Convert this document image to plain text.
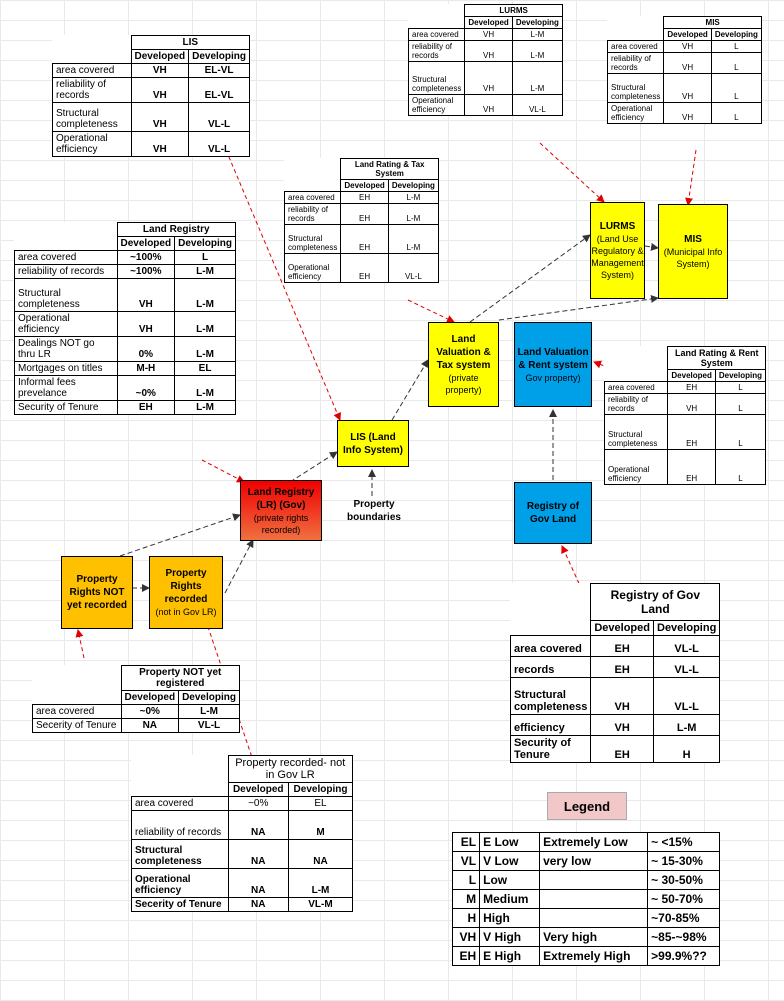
	LIS	
	Developed	Developing
area covered	VH	EL-VL
reliability of records	VH	EL-VL
Structural completeness	VH	VL-L
Operational efficiency	VH	VL-L
	LURMS	
	Developed	Developing
area covered	VH	L-M
reliability of records	VH	L-M
Structural completeness	VH	L-M
Operational efficiency	VH	VL-L
	MIS	
	Developed	Developing
area covered	VH	L
reliability of records	VH	L
Structural completeness	VH	L
Operational efficiency	VH	L
	Land Rating & Tax System	
	Developed	Developing
area covered	EH	L-M
reliability of records	EH	L-M
Structural completeness	EH	L-M
Operational efficiency	EH	VL-L
	Land Registry	
	Developed	Developing
area covered	~100%	L
reliability of records	~100%	L-M
Structural completeness	VH	L-M
Operational efficiency	VH	L-M
Dealings NOT go thru LR	0%	L-M
Mortgages on titles	M-H	EL
Informal fees prevelance	~0%	L-M
Security of Tenure	EH	L-M
	Land Rating & Rent System	
	Developed	Developing
area covered	EH	L
reliability of records	VH	L
Structural completeness	EH	L
Operational efficiency	EH	L
	Registry of Gov Land	
	Developed	Developing
area covered	EH	VL-L
records	EH	VL-L
Structural completeness	VH	VL-L
efficiency	VH	L-M
Security of Tenure	EH	H
	Property NOT yet registered	
	Developed	Developing
area covered	~0%	L-M
Secerity of Tenure	NA	VL-L
	Property recorded- not in Gov LR	
	Developed	Developing
area covered	~0%	EL
reliability of records	NA	M
Structural completeness	NA	NA
Operational efficiency	NA	L-M
Secerity of Tenure	NA	VL-M
Property Rights NOT yet recorded
Property Rights recorded
(not in Gov LR)
Land Registry (LR) (Gov)
(private rights recorded)
LIS (Land Info System)
Property boundaries
Land Valuation & Tax system
(private property)
Land Valuation & Rent system
Gov property)
Registry of Gov Land
LURMS
(Land Use Regulatory & Management System)
MIS
(Municipal Info System)
Legend
EL	E Low	Extremely Low	~ <15%
VL	V Low	very low	~ 15-30%
L	Low		~ 30-50%
M	Medium		~ 50-70%
H	High		~70-85%
VH	V High	Very high	~85-~98%
EH	E High	Extremely High	>99.9%??
